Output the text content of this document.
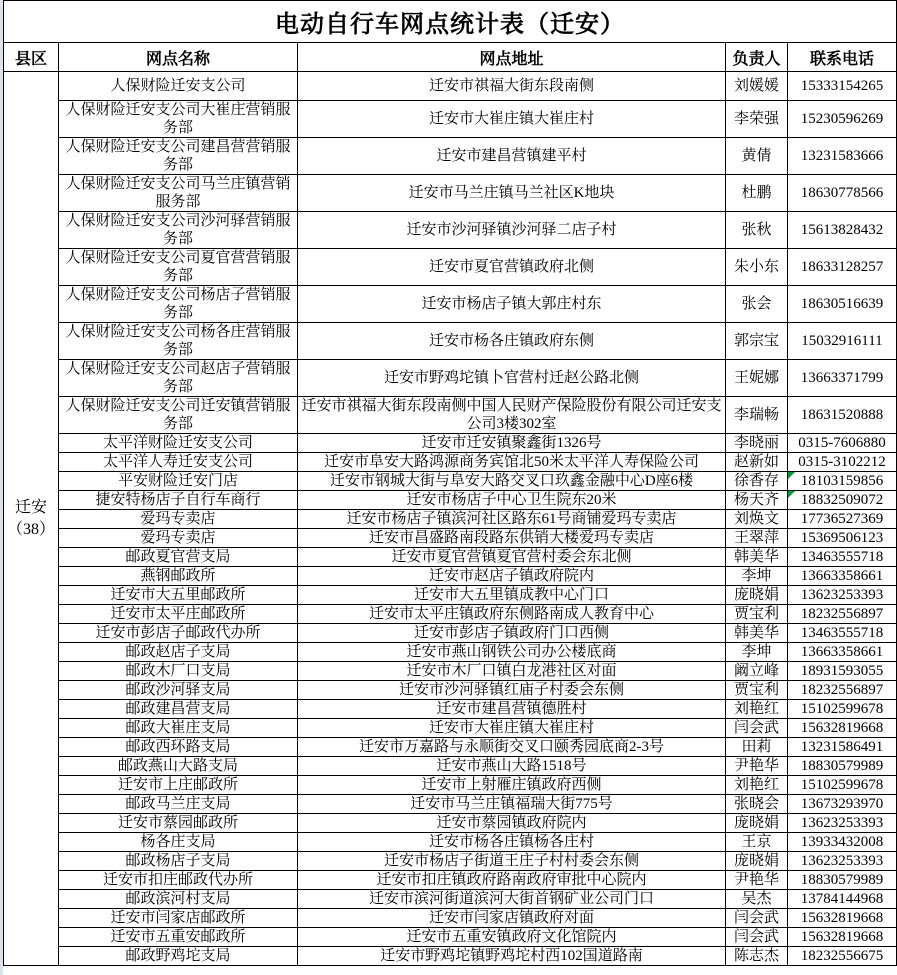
电动自行车网点统计表（迁安）				
县区	网点名称	网点地址	负责人	联系电话

迁安
（38）	人保财险迁安支公司	迁安市祺福大街东段南侧	刘媛媛	15333154265
	人保财险迁安支公司大崔庄营销服务部	迁安市大崔庄镇大崔庄村	李荣强	15230596269
	人保财险迁安支公司建昌营营销服务部	迁安市建昌营镇建平村	黄倩	13231583666
	人保财险迁安支公司马兰庄镇营销服务部	迁安市马兰庄镇马兰社区K地块	杜鹏	18630778566
	人保财险迁安支公司沙河驿营销服务部	迁安市沙河驿镇沙河驿二店子村	张秋	15613828432
	人保财险迁安支公司夏官营营销服务部	迁安市夏官营镇政府北侧	朱小东	18633128257
	人保财险迁安支公司杨店子营销服务部	迁安市杨店子镇大郭庄村东	张会	18630516639
	人保财险迁安支公司杨各庄营销服务部	迁安市杨各庄镇政府东侧	郭宗宝	15032916111
	人保财险迁安支公司赵店子营销服务部	迁安市野鸡坨镇卜官营村迁赵公路北侧	王妮娜	13663371799
	人保财险迁安支公司迁安镇营销服务部	迁安市祺福大街东段南侧中国人民财产保险股份有限公司迁安支公司3楼302室	李瑞畅	18631520888
	太平洋财险迁安支公司	迁安市迁安镇聚鑫街1326号	李晓丽	0315-7606880
	太平洋人寿迁安支公司	迁安市阜安大路鸿源商务宾馆北50米太平洋人寿保险公司	赵新如	0315-3102212
	平安财险迁安门店	迁安市钢城大街与阜安大路交叉口玖鑫金融中心D座6楼	徐香存	18103159856
	捷安特杨店子自行车商行	迁安市杨店子中心卫生院东20米	杨天齐	18832509072
	爱玛专卖店	迁安市杨店子镇滨河社区路东61号商铺爱玛专卖店	刘焕文	17736527369
	爱玛专卖店	迁安市昌盛路南段路东供销大楼爱玛专卖店	王翠萍	15369506123
	邮政夏官营支局	迁安市夏官营镇夏官营村委会东北侧	韩美华	13463555718
	燕钢邮政所	迁安市赵店子镇政府院内	李坤	13663358661
	迁安市大五里邮政所	迁安市大五里镇成教中心门口	庞晓娟	13623253393
	迁安市太平庄邮政所	迁安市太平庄镇政府东侧路南成人教育中心	贾宝利	18232556897
	迁安市彭店子邮政代办所	迁安市彭店子镇政府门口西侧	韩美华	13463555718
	邮政赵店子支局	迁安市燕山钢铁公司办公楼底商	李坤	13663358661
	邮政木厂口支局	迁安市木厂口镇白龙港社区对面	阚立峰	18931593055
	邮政沙河驿支局	迁安市沙河驿镇红庙子村委会东侧	贾宝利	18232556897
	邮政建昌营支局	迁安市建昌营镇德胜村	刘艳红	15102599678
	邮政大崔庄支局	迁安市大崔庄镇大崔庄村	闫会武	15632819668
	邮政西环路支局	迁安市万嘉路与永顺街交叉口颐秀园底商2-3号	田莉	13231586491
	邮政燕山大路支局	迁安市燕山大路1518号	尹艳华	18830579989
	迁安市上庄邮政所	迁安市上射雁庄镇政府西侧	刘艳红	15102599678
	邮政马兰庄支局	迁安市马兰庄镇福瑞大街775号	张晓会	13673293970
	迁安市蔡园邮政所	迁安市蔡园镇政府院内	庞晓娟	13623253393
	杨各庄支局	迁安市杨各庄镇杨各庄村	王京	13933432008
	邮政杨店子支局	迁安市杨店子街道王庄子村村委会东侧	庞晓娟	13623253393
	迁安市扣庄邮政代办所	迁安市扣庄镇政府路南政府审批中心院内	尹艳华	18830579989
	邮政滨河村支局	迁安市滨河街道滨河大街首钢矿业公司门口	吴杰	13784144968
	迁安市闫家店邮政所	迁安市闫家店镇政府对面	闫会武	15632819668
	迁安市五重安邮政所	迁安市五重安镇政府文化馆院内	闫会武	15632819668
	邮政野鸡坨支局	迁安市野鸡坨镇野鸡坨村西102国道路南	陈志杰	18232556675
